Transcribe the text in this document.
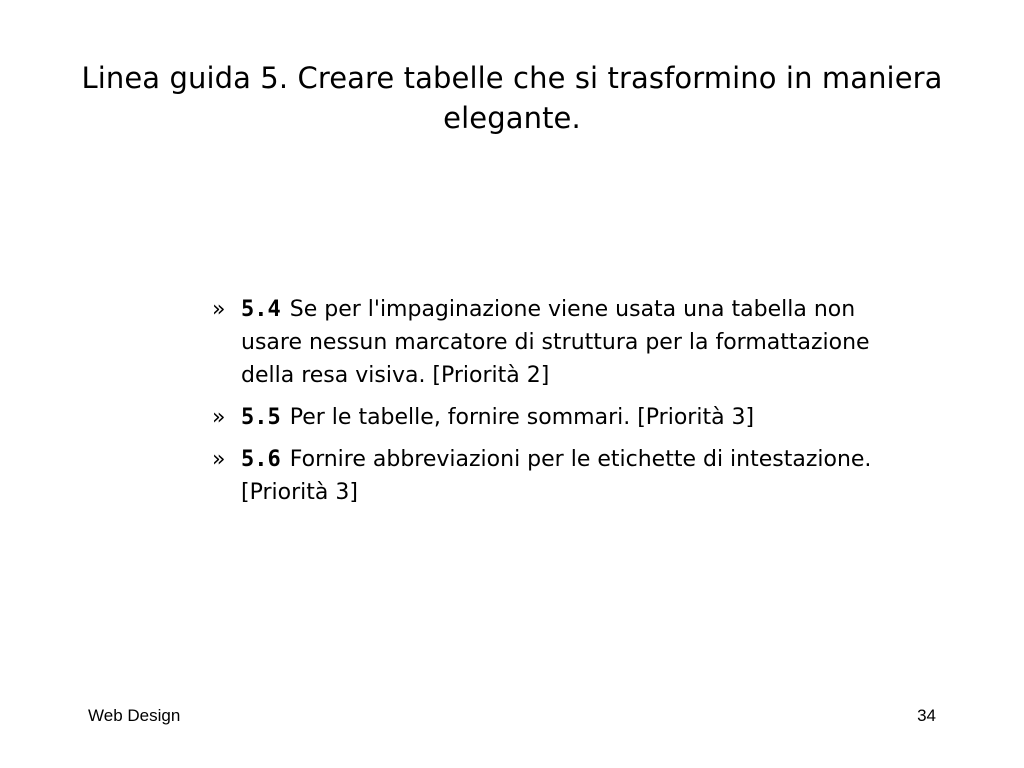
Linea guida 5. Creare tabelle che si trasformino in maniera elegante.
» 5.4 Se per l'impaginazione viene usata una tabella non usare nessun marcatore di struttura per la formattazione della resa visiva. [Priorità 2]
» 5.5 Per le tabelle, fornire sommari. [Priorità 3]
» 5.6 Fornire abbreviazioni per le etichette di intestazione. [Priorità 3]
Web Design	34
